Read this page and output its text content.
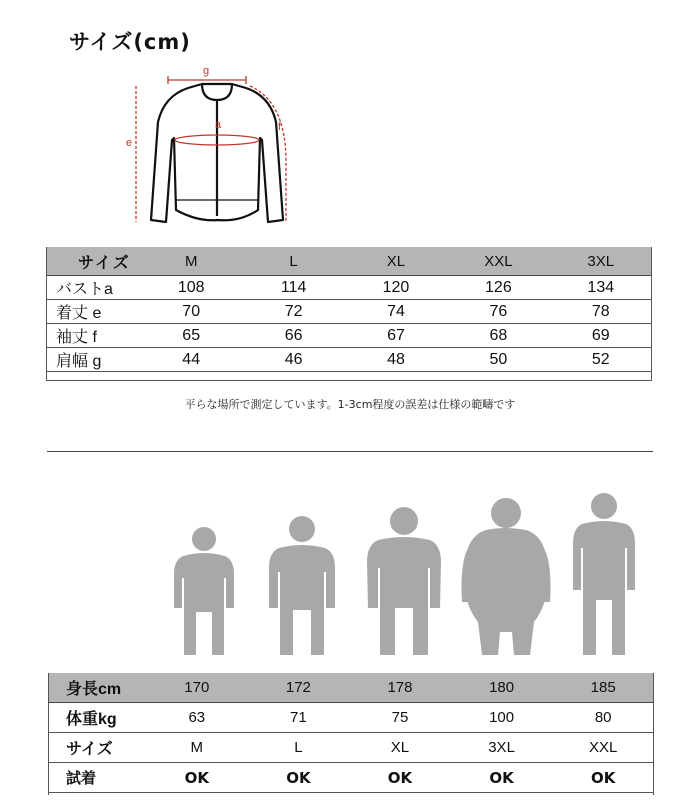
サイズ(cm)
g
a
e
f
サイズ	M	L	XL	XXL	3XL
バストa	108	114	120	126	134
着丈 e	70	72	74	76	78
袖丈 f	65	66	67	68	69
肩幅 g	44	46	48	50	52
平らな場所で測定しています。1-3cm程度の誤差は仕様の範疇です
身長cm	170	172	178	180	185
体重kg	63	71	75	100	80
サイズ	M	L	XL	3XL	XXL
試着	OK	OK	OK	OK	OK
